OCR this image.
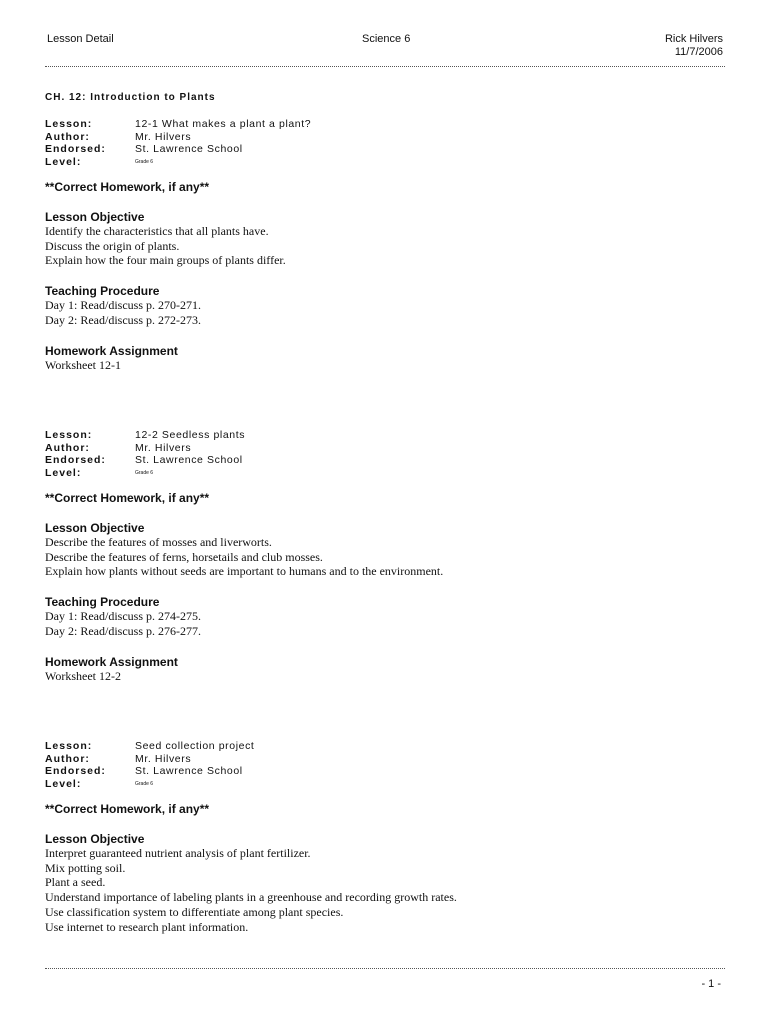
Lesson Detail	Science 6	Rick Hilvers
11/7/2006
CH. 12: Introduction to Plants
Lesson:	12-1 What makes a plant a plant?
Author:	Mr. Hilvers
Endorsed:	St. Lawrence School
Level:	Grade 6
**Correct Homework, if any**
Lesson Objective
Identify the characteristics that all plants have.
Discuss the origin of plants.
Explain how the four main groups of plants differ.
Teaching Procedure
Day 1: Read/discuss p. 270-271.
Day 2: Read/discuss p. 272-273.
Homework Assignment
Worksheet 12-1
Lesson:	12-2 Seedless plants
Author:	Mr. Hilvers
Endorsed:	St. Lawrence School
Level:	Grade 6
**Correct Homework, if any**
Lesson Objective
Describe the features of mosses and liverworts.
Describe the features of ferns, horsetails and club mosses.
Explain how plants without seeds are important to humans and to the environment.
Teaching Procedure
Day 1: Read/discuss p. 274-275.
Day 2: Read/discuss p. 276-277.
Homework Assignment
Worksheet 12-2
Lesson:	Seed collection project
Author:	Mr. Hilvers
Endorsed:	St. Lawrence School
Level:	Grade 6
**Correct Homework, if any**
Lesson Objective
Interpret guaranteed nutrient analysis of plant fertilizer.
Mix potting soil.
Plant a seed.
Understand importance of labeling plants in a greenhouse and recording growth rates.
Use classification system to differentiate among plant species.
Use internet to research plant information.
- 1 -
